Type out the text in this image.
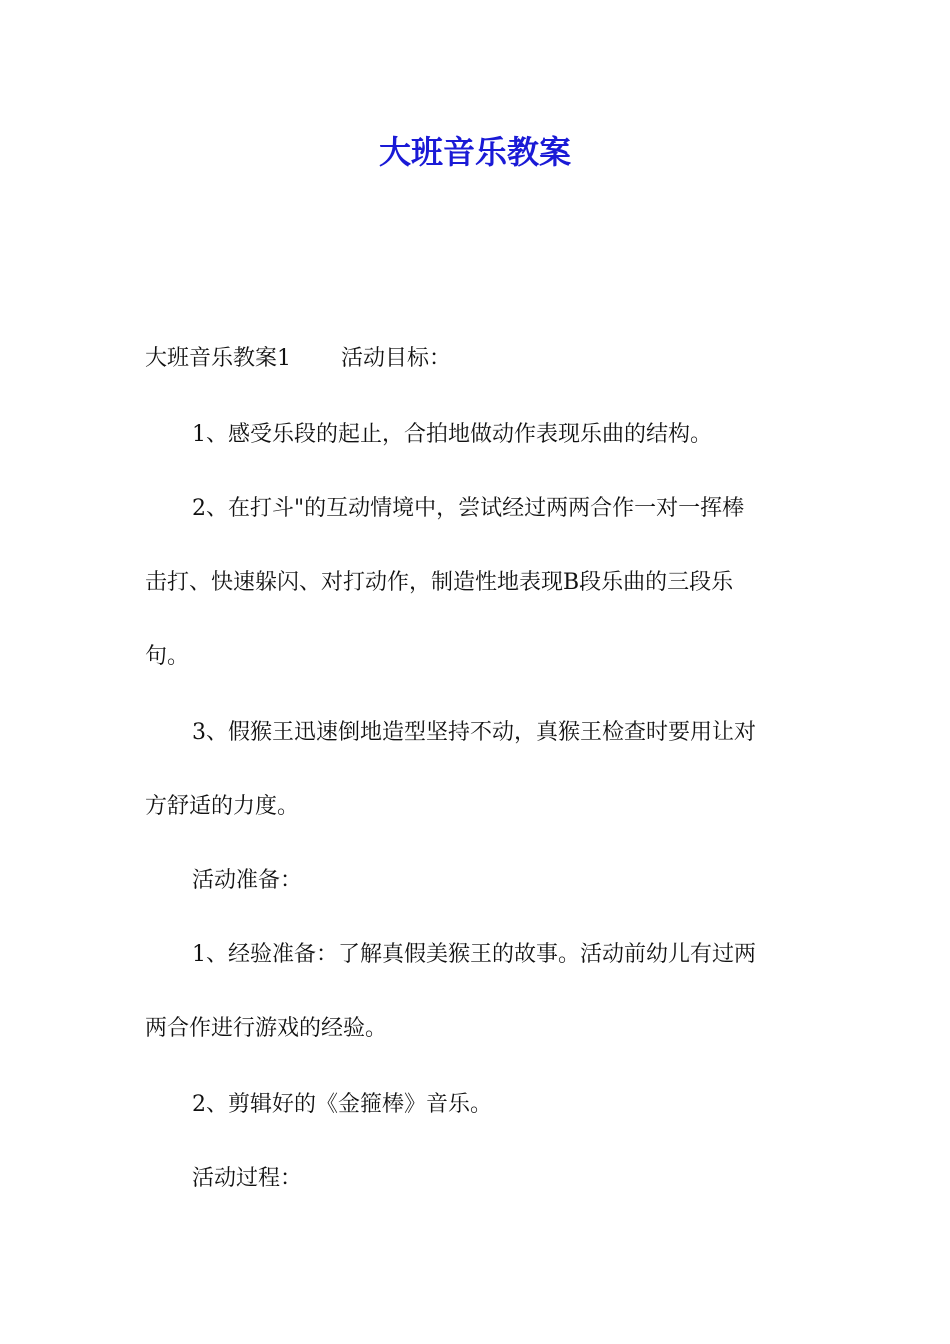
大班音乐教案

大班音乐教案1 活动目标：

1、感受乐段的起止，合拍地做动作表现乐曲的结构。

2、在打斗"的互动情境中，尝试经过两两合作一对一挥棒

击打、快速躲闪、对打动作，制造性地表现B段乐曲的三段乐

句。

3、假猴王迅速倒地造型坚持不动，真猴王检查时要用让对

方舒适的力度。

活动准备：

1、经验准备：了解真假美猴王的故事。活动前幼儿有过两

两合作进行游戏的经验。

2、剪辑好的《金箍棒》音乐。

活动过程：
